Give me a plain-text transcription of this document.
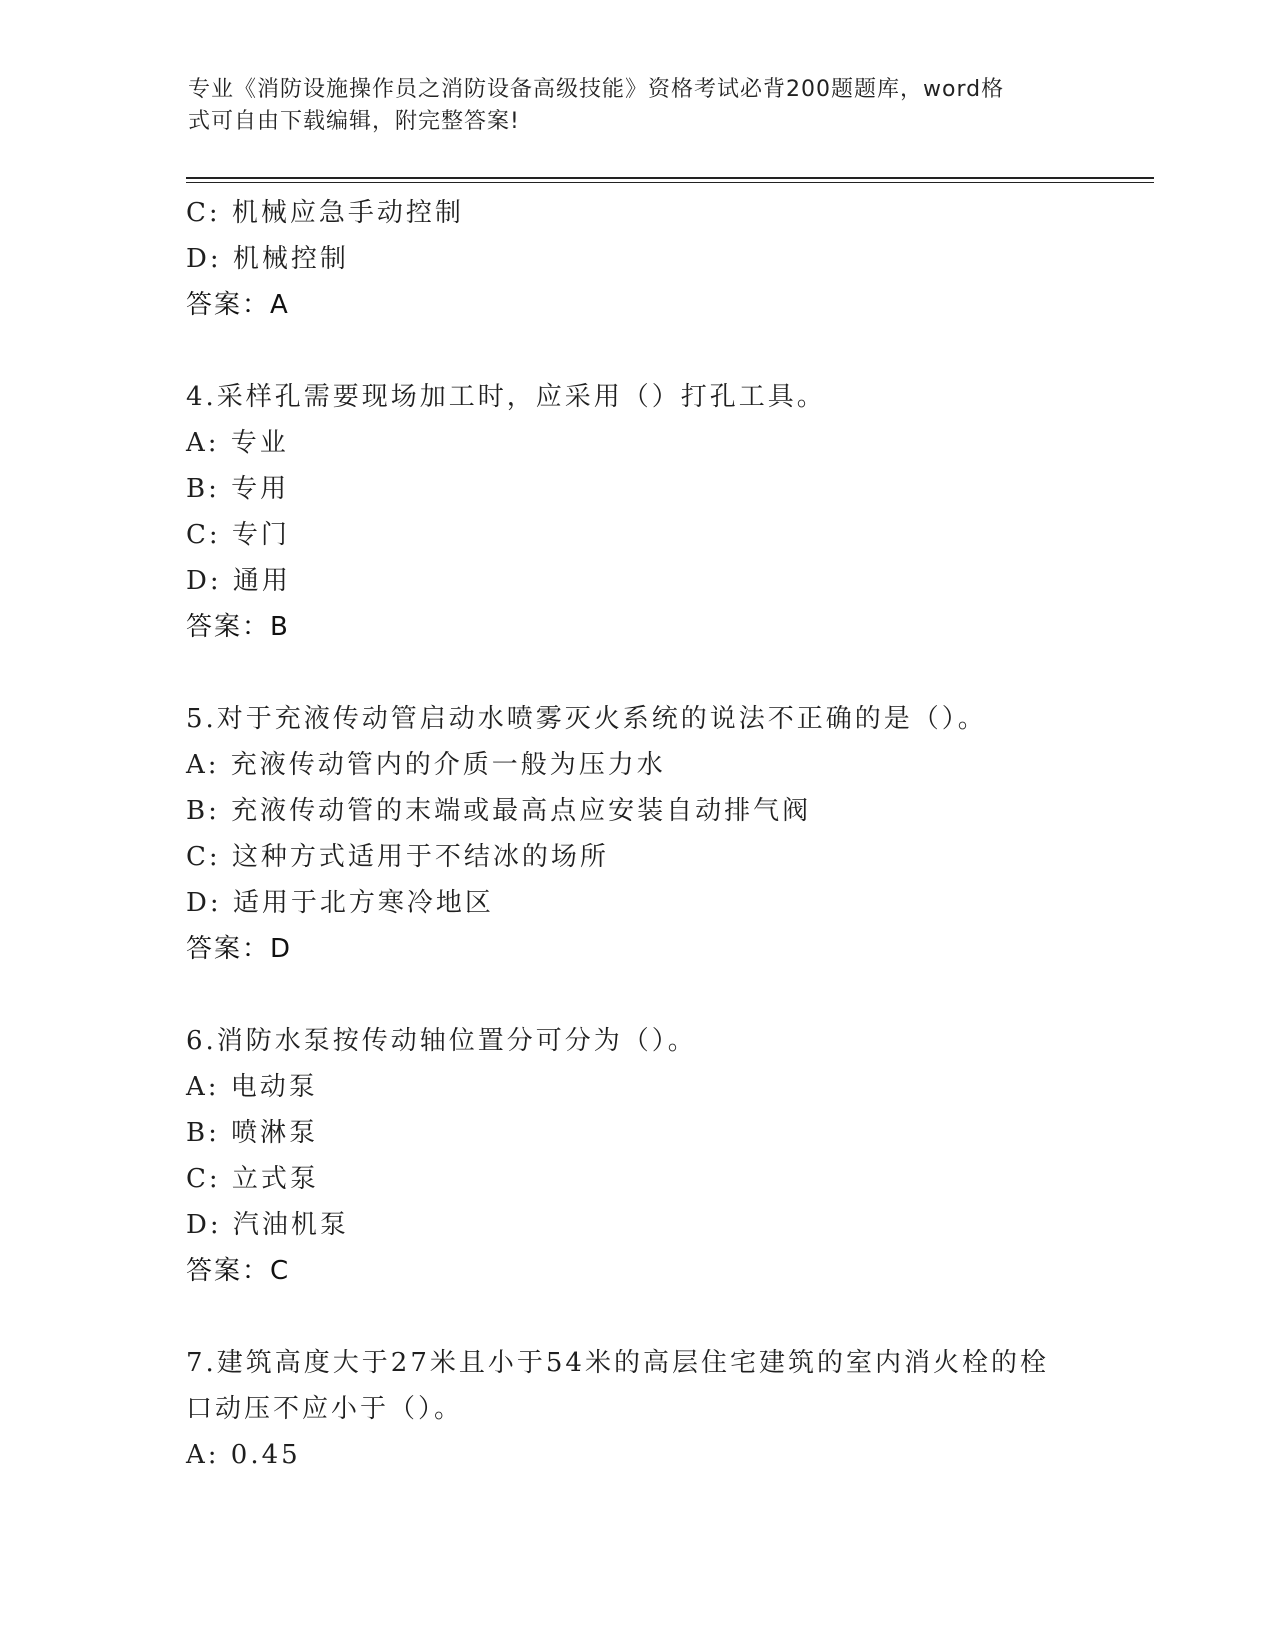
专业《消防设施操作员之消防设备高级技能》资格考试必背200题题库，word格
式可自由下载编辑，附完整答案!
C: 机械应急手动控制
D: 机械控制
答案：A
4.采样孔需要现场加工时，应采用（）打孔工具。
A: 专业
B: 专用
C: 专门
D: 通用
答案：B
5.对于充液传动管启动水喷雾灭火系统的说法不正确的是（）。
A: 充液传动管内的介质一般为压力水
B: 充液传动管的末端或最高点应安装自动排气阀
C: 这种方式适用于不结冰的场所
D: 适用于北方寒冷地区
答案：D
6.消防水泵按传动轴位置分可分为（）。
A: 电动泵
B: 喷淋泵
C: 立式泵
D: 汽油机泵
答案：C
7.建筑高度大于27米且小于54米的高层住宅建筑的室内消火栓的栓
口动压不应小于（）。
A: 0.45
